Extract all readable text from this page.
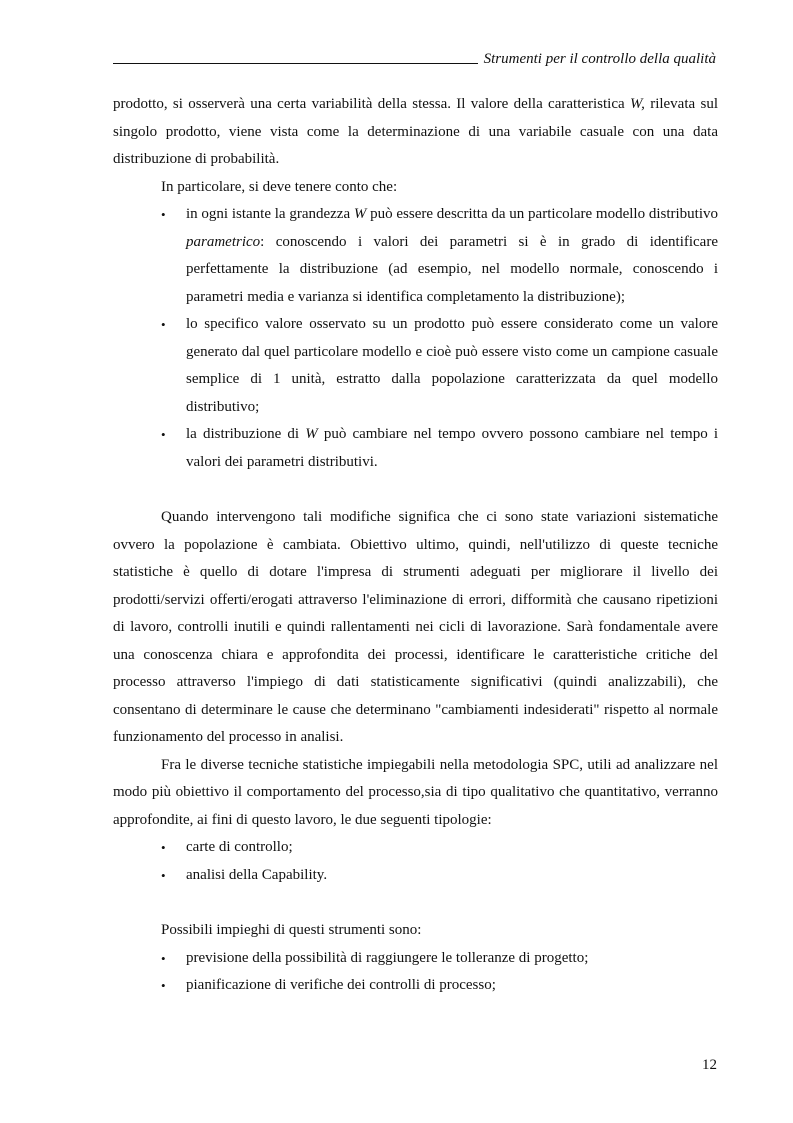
Strumenti per il controllo della qualità

prodotto, si osserverà una certa variabilità della stessa. Il valore della caratteristica W, rilevata sul singolo prodotto, viene vista come la determinazione di una variabile casuale con una data distribuzione di probabilità.

In particolare, si deve tenere conto che:

•	in ogni istante la grandezza W può essere descritta da un particolare modello distributivo parametrico: conoscendo i valori dei parametri si è in grado di identificare perfettamente la distribuzione (ad esempio, nel modello normale, conoscendo i parametri media e varianza si identifica completamento la distribuzione);
•	lo specifico valore osservato su un prodotto può essere considerato come un valore generato dal quel particolare modello e cioè può essere visto come un campione casuale semplice di 1 unità, estratto dalla popolazione caratterizzata da quel modello distributivo;
•	la distribuzione di W può cambiare nel tempo ovvero possono cambiare nel tempo i valori dei parametri distributivi.

Quando intervengono tali modifiche significa che ci sono state variazioni sistematiche ovvero la popolazione è cambiata. Obiettivo ultimo, quindi, nell'utilizzo di queste tecniche statistiche è quello di dotare l'impresa di strumenti adeguati per migliorare il livello dei prodotti/servizi offerti/erogati attraverso l'eliminazione di errori, difformità che causano ripetizioni di lavoro, controlli inutili e quindi rallentamenti nei cicli di lavorazione. Sarà fondamentale avere una conoscenza chiara e approfondita dei processi, identificare le caratteristiche critiche del processo attraverso l'impiego di dati statisticamente significativi (quindi analizzabili), che consentano di determinare le cause che determinano "cambiamenti indesiderati" rispetto al normale funzionamento del processo in analisi.

Fra le diverse tecniche statistiche impiegabili nella metodologia SPC, utili ad analizzare nel modo più obiettivo il comportamento del processo,sia di tipo qualitativo che quantitativo, verranno approfondite, ai fini di questo lavoro, le due seguenti tipologie:

•	carte di controllo;
•	analisi della Capability.

Possibili impieghi di questi strumenti sono:

•	previsione della possibilità di raggiungere le tolleranze di progetto;
•	pianificazione di verifiche dei controlli di processo;
12
